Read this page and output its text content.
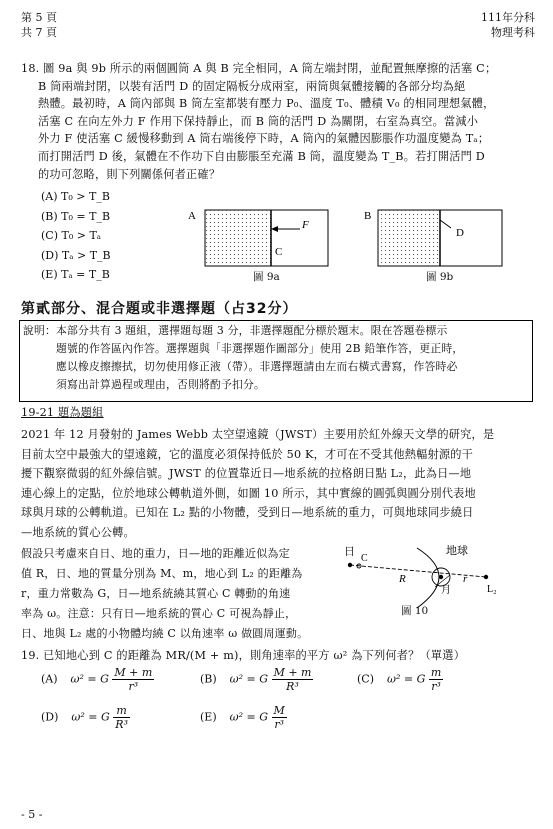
第 5 頁
共 7 頁
111年分科
物理考科
18. 圖 9a 與 9b 所示的兩個圓筒 A 與 B 完全相同，A 筒左端封閉，並配置無摩擦的活塞 C；
B 筒兩端封閉，以裝有活門 D 的固定隔板分成兩室，兩筒與氣體接觸的各部分均為絕
熱體。最初時，A 筒內部與 B 筒左室都裝有壓力 P₀、溫度 T₀、體積 V₀ 的相同理想氣體，
活塞 C 在向左外力 F 作用下保持靜止，而 B 筒的活門 D 為關閉，右室為真空。當減小
外力 F 使活塞 C 緩慢移動到 A 筒右端後停下時，A 筒內的氣體因膨脹作功溫度變為 Tₐ；
而打開活門 D 後，氣體在不作功下自由膨脹至充滿 B 筒，溫度變為 T_B。若打開活門 D
的功可忽略，則下列關係何者正確？
(A) T₀ > T_B
(B) T₀ = T_B
(C) T₀ > Tₐ
(D) Tₐ > T_B
(E) Tₐ = T_B
A
C
F
圖 9a
B
D
圖 9b
第貳部分、混合題或非選擇題（占32分）
說明：本部分共有 3 題組，選擇題每題 3 分，非選擇題配分標於題末。限在答題卷標示
題號的作答區內作答。選擇題與「非選擇題作圖部分」使用 2B 鉛筆作答，更正時，
應以橡皮擦擦拭，切勿使用修正液（帶）。非選擇題請由左而右橫式書寫，作答時必
須寫出計算過程或理由，否則將酌予扣分。
19-21 題為題組
2021 年 12 月發射的 James Webb 太空望遠鏡（JWST）主要用於紅外線天文學的研究，是
目前太空中最強大的望遠鏡，它的溫度必須保持低於 50 K，才可在不受其他熱輻射源的干
擾下觀察微弱的紅外線信號。JWST 的位置靠近日—地系統的拉格朗日點 L₂，此為日—地
連心線上的定點，位於地球公轉軌道外側，如圖 10 所示，其中實線的圓弧與圓分別代表地
球與月球的公轉軌道。已知在 L₂ 點的小物體，受到日—地系統的重力，可與地球同步繞日
—地系統的質心公轉。
假設只考慮來自日、地的重力，日—地的距離近似為定
值 R，日、地的質量分別為 M、m，地心到 L₂ 的距離為
r，重力常數為 G，日—地系統繞其質心 C 轉動的角速
率為 ω。注意：只有日—地系統的質心 C 可視為靜止，
日、地與 L₂ 處的小物體均繞 C 以角速率 ω 做圓周運動。
日
C
地球
R	r
月	L₂
圖 10
19. 已知地心到 C 的距離為 MR/(M + m)，則角速率的平方 ω² 為下列何者？（單選）
(A) ω² = G $\frac{M + m}{\text{r³}}$	(B) ω² = G $\frac{M + m}{\text{R³}}$	(C) ω² = G $\frac{m}{\text{r³}}$
(D) ω² = G $\frac{m}{\text{R³}}$	(E) ω² = G $\frac{M}{\text{r³}}$
- 5 -
